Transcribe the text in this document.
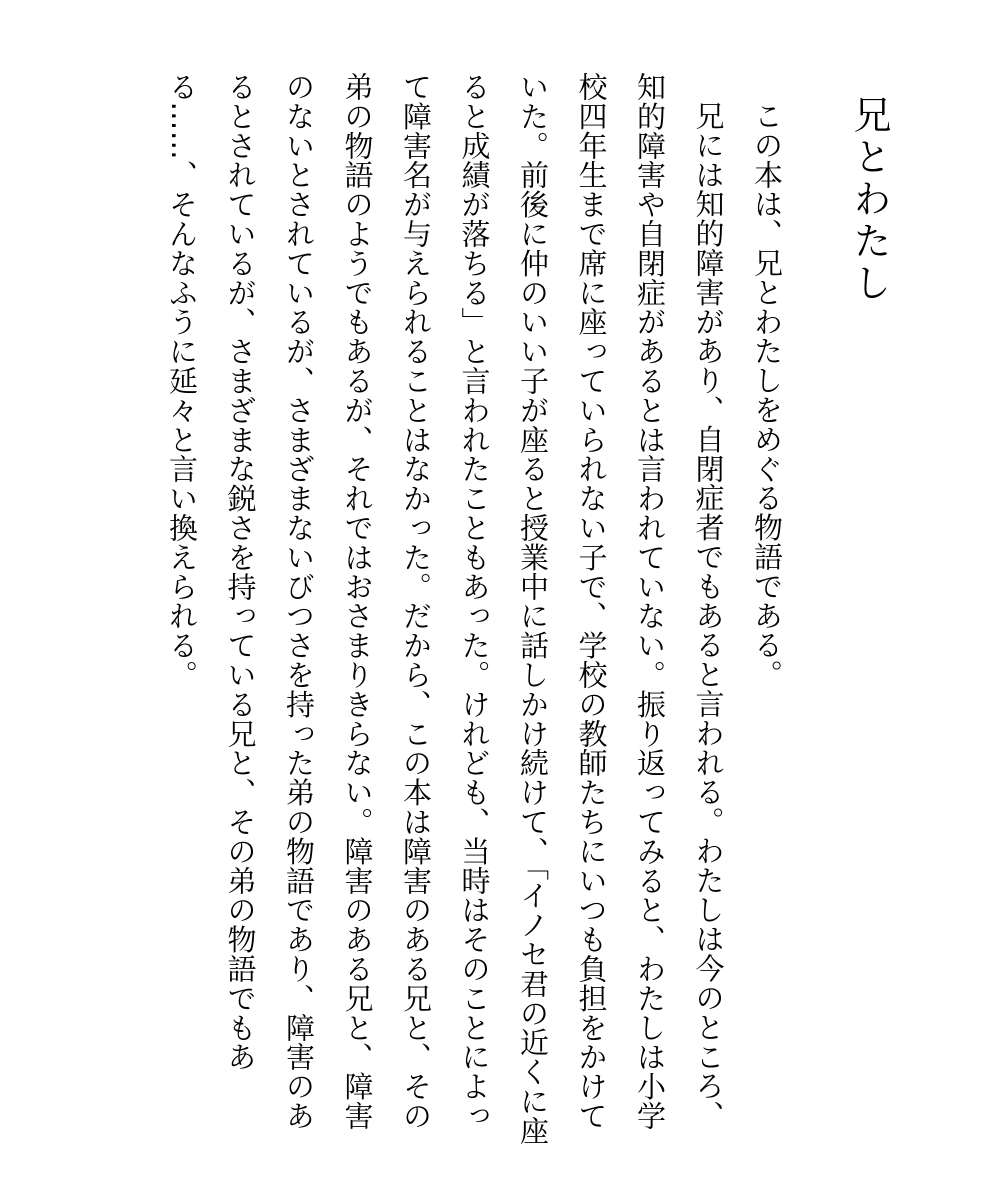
兄とわたし

この本は、兄とわたしをめぐる物語である。

兄には知的障害があり、自閉症者でもあると言われる。わたしは今のところ、知的障害や自閉症があるとは言われていない。振り返ってみると、わたしは小学校四年生まで席に座っていられない子で、学校の教師たちにいつも負担をかけていた。前後に仲のいい子が座ると授業中に話しかけ続けて、「イノセ君の近くに座ると成績が落ちる」と言われたこともあった。けれども、当時はそのことによって障害名が与えられることはなかった。だから、この本は障害のある兄と、その弟の物語のようでもあるが、それではおさまりきらない。障害のある兄と、障害のないとされているが、さまざまないびつさを持った弟の物語であり、障害のあるとされているが、さまざまな鋭さを持っている兄と、その弟の物語でもある……、そんなふうに延々と言い換えられる。
